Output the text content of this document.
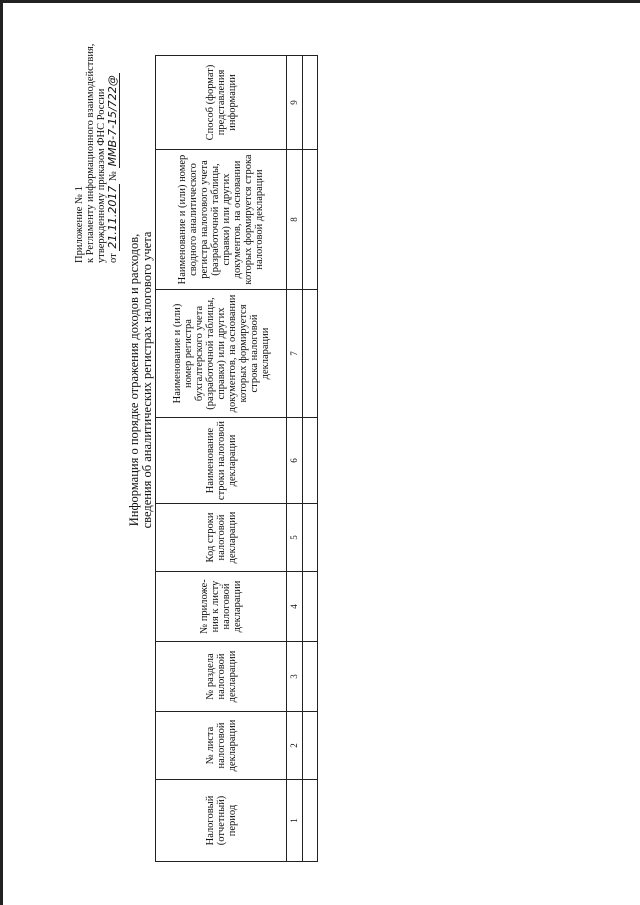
Приложение № 1 к Регламенту информационного взаимодействия, утвержденному приказом ФНС России от 21.11.2017 № ММВ-7-15/722@
Информация о порядке отражения доходов и расходов, сведения об аналитических регистрах налогового учета
Налоговый (отчетный) период	№ листа налоговой декларации	№ раздела налоговой декларации	№ приложе-ния к листу налоговой декларации	Код строки налоговой декларации	Наименование строки налоговой декларации	Наименование и (или) номер регистра бухгалтерского учета (разработочной таблицы, справки) или других документов, на основании которых формируется строка налоговой декларации	Наименование и (или) номер сводного аналитического регистра налогового учета (разработочной таблицы, справки) или других документов, на основании которых формируется строка налоговой декларации	Способ (формат) представления информации
1	2	3	4	5	6	7	8	9
